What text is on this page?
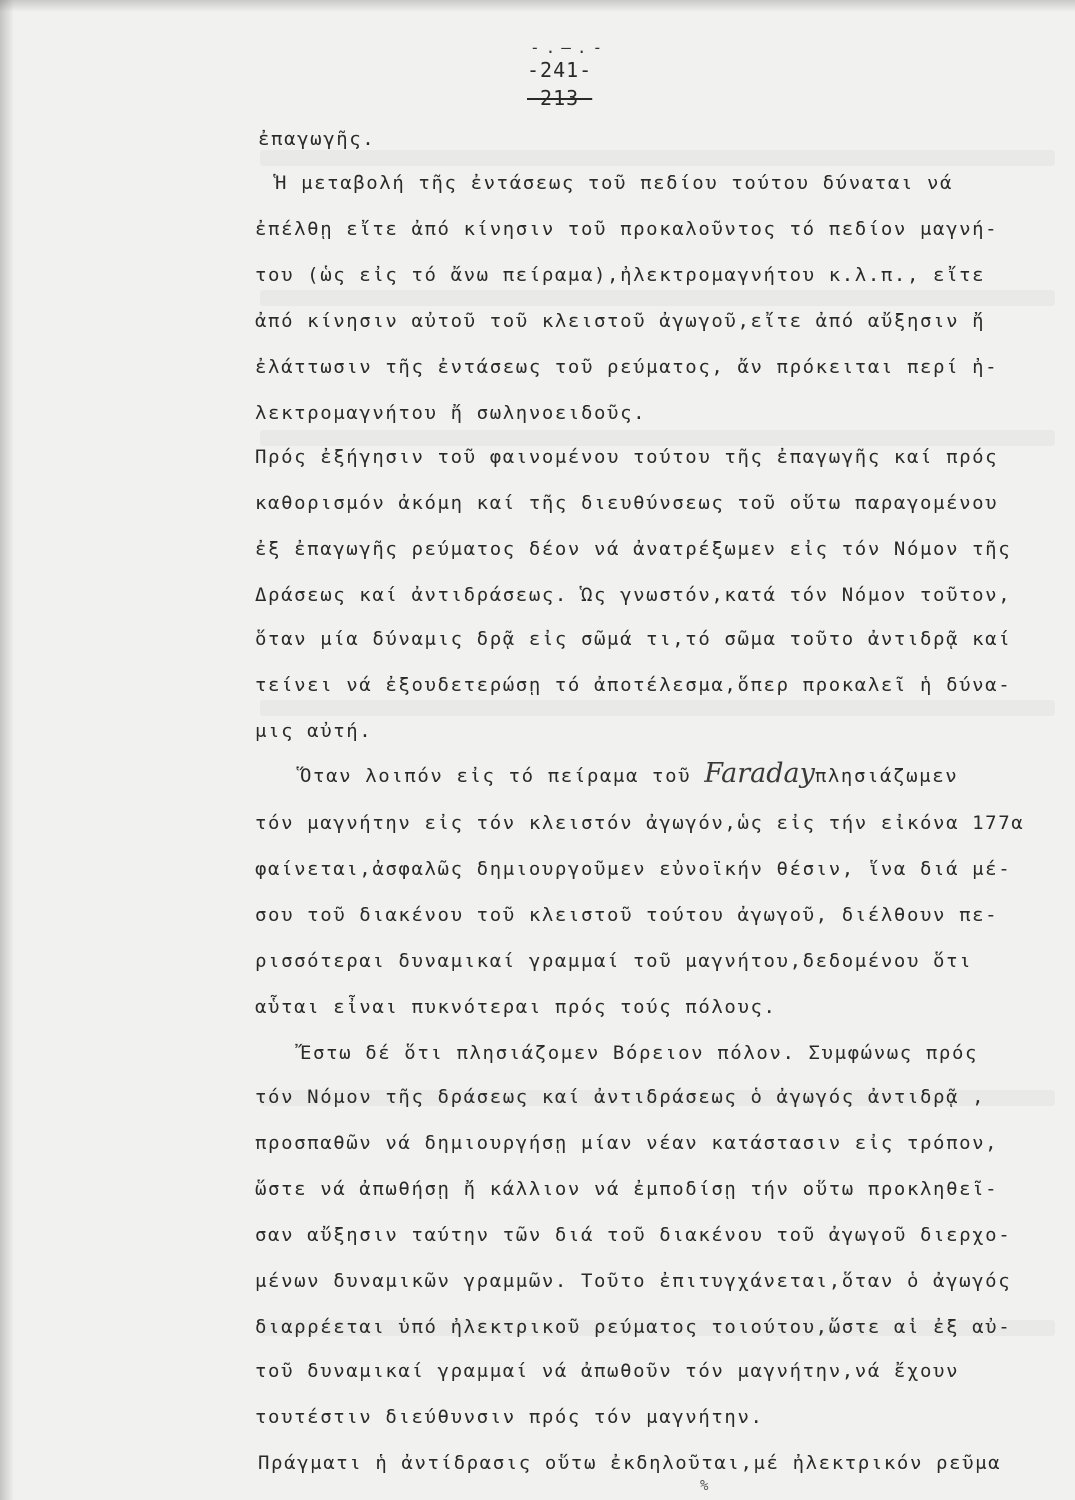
-.—.-
-241-
-213-
ἐπαγωγῆς.
Ἡ μεταβολή τῆς ἐντάσεως τοῦ πεδίου τούτου δύναται νά
ἐπέλθῃ εἴτε ἀπό κίνησιν τοῦ προκαλοῦντος τό πεδίον μαγνή-
του (ὡς εἰς τό ἄνω πείραμα),ἠλεκτρομαγνήτου κ.λ.π., εἴτε
ἀπό κίνησιν αὐτοῦ τοῦ κλειστοῦ ἀγωγοῦ,εἴτε ἀπό αὔξησιν ἤ
ἐλάττωσιν τῆς ἐντάσεως τοῦ ρεύματος, ἄν πρόκειται περί ἠ-
λεκτρομαγνήτου ἤ σωληνοειδοῦς.
Πρός ἐξήγησιν τοῦ φαινομένου τούτου τῆς ἐπαγωγῆς καί πρός
καθορισμόν ἀκόμη καί τῆς διευθύνσεως τοῦ οὕτω παραγομένου
ἐξ ἐπαγωγῆς ρεύματος δέον νά ἀνατρέξωμεν εἰς τόν Νόμον τῆς
Δράσεως καί ἀντιδράσεως. Ὡς γνωστόν,κατά τόν Νόμον τοῦτον,
ὅταν μία δύναμις δρᾷ εἰς σῶμά τι,τό σῶμα τοῦτο ἀντιδρᾷ καί
τείνει νά ἐξουδετερώσῃ τό ἀποτέλεσμα,ὅπερ προκαλεῖ ἡ δύνα-
μις αὐτή.
Ὅταν λοιπόν εἰς τό πείραμα τοῦ Faradayπλησιάζωμεν
τόν μαγνήτην εἰς τόν κλειστόν ἀγωγόν,ὡς εἰς τήν εἰκόνα 177α
φαίνεται,ἀσφαλῶς δημιουργοῦμεν εὐνοϊκήν θέσιν, ἵνα διά μέ-
σου τοῦ διακένου τοῦ κλειστοῦ τούτου ἀγωγοῦ, διέλθουν πε-
ρισσότεραι δυναμικαί γραμμαί τοῦ μαγνήτου,δεδομένου ὅτι
αὗται εἶναι πυκνότεραι πρός τούς πόλους.
Ἔστω δέ ὅτι πλησιάζομεν Βόρειον πόλον. Συμφώνως πρός
τόν Νόμον τῆς δράσεως καί ἀντιδράσεως ὁ ἀγωγός ἀντιδρᾷ ,
προσπαθῶν νά δημιουργήσῃ μίαν νέαν κατάστασιν εἰς τρόπον,
ὥστε νά ἀπωθήσῃ ἤ κάλλιον νά ἐμποδίσῃ τήν οὕτω προκληθεῖ-
σαν αὔξησιν ταύτην τῶν διά τοῦ διακένου τοῦ ἀγωγοῦ διερχο-
μένων δυναμικῶν γραμμῶν. Τοῦτο ἐπιτυγχάνεται,ὅταν ὁ ἀγωγός
διαρρέεται ὑπό ἠλεκτρικοῦ ρεύματος τοιούτου,ὥστε αἱ ἐξ αὐ-
τοῦ δυναμικαί γραμμαί νά ἀπωθοῦν τόν μαγνήτην,νά ἔχουν
τουτέστιν διεύθυνσιν πρός τόν μαγνήτην.
Πράγματι ἡ ἀντίδρασις οὕτω ἐκδηλοῦται,μέ ἠλεκτρικόν ρεῦμα
%
